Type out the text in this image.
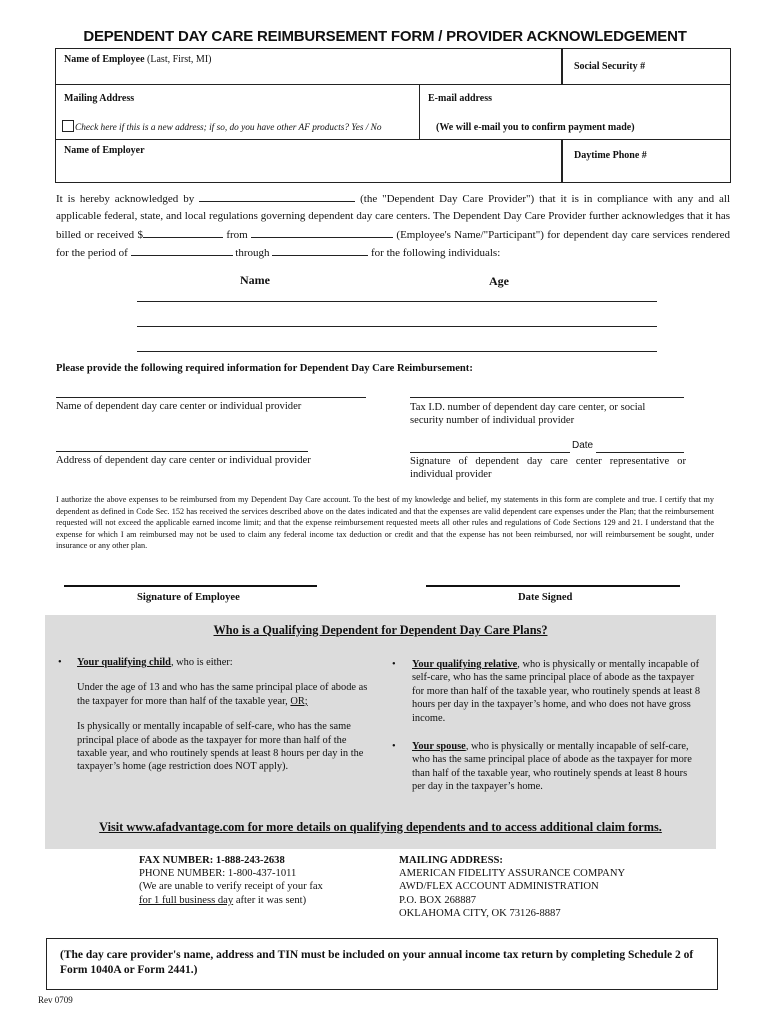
DEPENDENT DAY CARE REIMBURSEMENT FORM / PROVIDER ACKNOWLEDGEMENT
Name of Employee (Last, First, MI)
Social Security #
Mailing Address
Check here if this is a new address; if so, do you have other AF products? Yes / No
E-mail address
(We will e-mail you to confirm payment made)
Name of Employer	Daytime Phone #
It is hereby acknowledged by	(the "Dependent Day Care Provider") that it is in compliance with any and all applicable federal, state, and local regulations governing dependent day care centers. The Dependent Day Care Provider further acknowledges that it has billed or received $	from	(Employee's Name/"Participant") for dependent day care services rendered for the period of	through	for the following individuals:
Name	Age
Please provide the following required information for Dependent Day Care Reimbursement:
Name of dependent day care center or individual provider	Tax I.D. number of dependent day care center, or social security number of individual provider
Address of dependent day care center or individual provider
Date
Signature of dependent day care center representative or individual provider
I authorize the above expenses to be reimbursed from my Dependent Day Care account. To the best of my knowledge and belief, my statements in this form are complete and true. I certify that my dependent as defined in Code Sec. 152 has received the services described above on the dates indicated and that the expenses are valid dependent care expenses under the Plan; that the reimbursement requested will not exceed the applicable earned income limit; and that the expense reimbursement requested meets all other rules and regulations of Code Sections 129 and 21. I understand that the expense for which I am reimbursed may not be used to claim any federal income tax deduction or credit and that the expense has not been reimbursed, nor will reimbursement be sought, under insurance or any other plan.
Signature of Employee	Date Signed
Who is a Qualifying Dependent for Dependent Day Care Plans?
• Your qualifying child, who is either:
Under the age of 13 and who has the same principal place of abode as the taxpayer for more than half of the taxable year, OR;
Is physically or mentally incapable of self-care, who has the same principal place of abode as the taxpayer for more than half of the taxable year, and who routinely spends at least 8 hours per day in the taxpayer’s home (age restriction does NOT apply).
• Your qualifying relative, who is physically or mentally incapable of self-care, who has the same principal place of abode as the taxpayer for more than half of the taxable year, who routinely spends at least 8 hours per day in the taxpayer’s home, and who does not have gross income.
• Your spouse, who is physically or mentally incapable of self-care, who has the same principal place of abode as the taxpayer for more than half of the taxable year, who routinely spends at least 8 hours per day in the taxpayer’s home.
Visit www.afadvantage.com for more details on qualifying dependents and to access additional claim forms.
FAX NUMBER: 1-888-243-2638
PHONE NUMBER: 1-800-437-1011
(We are unable to verify receipt of your fax
for 1 full business day after it was sent)
MAILING ADDRESS:
AMERICAN FIDELITY ASSURANCE COMPANY
AWD/FLEX ACCOUNT ADMINISTRATION
P.O. BOX 268887
OKLAHOMA CITY, OK 73126-8887
(The day care provider's name, address and TIN must be included on your annual income tax return by completing Schedule 2 of Form 1040A or Form 2441.)
Rev 0709
